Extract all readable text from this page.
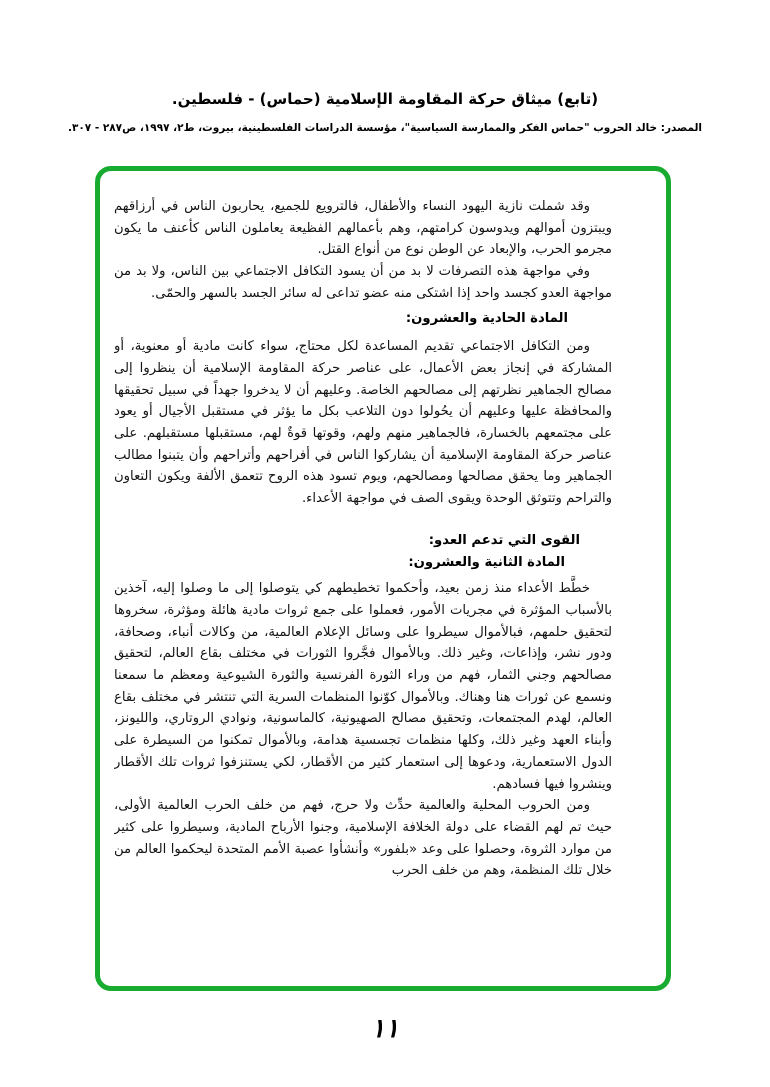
(تابع) ميثاق حركة المقاومة الإسلامية (حماس) - فلسطين.
المصدر: خالد الحروب "حماس الفكر والممارسة السياسية"، مؤسسة الدراسات الفلسطينية، بيروت، ط٢، ١٩٩٧، ص٢٨٧ - ٣٠٧.

وقد شملت نازية اليهود النساء والأطفال، فالترويع للجميع، يحاربون الناس في أرزاقهم ويبتزون أموالهم ويدوسون كرامتهم، وهم بأعمالهم الفظيعة يعاملون الناس كأعنف ما يكون مجرمو الحرب، والإبعاد عن الوطن نوع من أنواع القتل.

وفي مواجهة هذه التصرفات لا بد من أن يسود التكافل الاجتماعي بين الناس، ولا بد من مواجهة العدو كجسد واحد إذا اشتكى منه عضو تداعى له سائر الجسد بالسهر والحمّى.

المادة الحادية والعشرون:

ومن التكافل الاجتماعي تقديم المساعدة لكل محتاج، سواء كانت مادية أو معنوية، أو المشاركة في إنجاز بعض الأعمال، على عناصر حركة المقاومة الإسلامية أن ينظروا إلى مصالح الجماهير نظرتهم إلى مصالحهم الخاصة. وعليهم أن لا يدخروا جهداً في سبيل تحقيقها والمحافظة عليها وعليهم أن يحُولوا دون التلاعب بكل ما يؤثر في مستقبل الأجيال أو يعود على مجتمعهم بالخسارة، فالجماهير منهم ولهم، وقوتها قوةٌ لهم، مستقبلها مستقبلهم. على عناصر حركة المقاومة الإسلامية أن يشاركوا الناس في أفراحهم وأتراحهم وأن يتبنوا مطالب الجماهير وما يحقق مصالحها ومصالحهم، ويوم تسود هذه الروح تتعمق الألفة ويكون التعاون والتراحم وتتوثق الوحدة ويقوى الصف في مواجهة الأعداء.

القوى التي تدعم العدو:

المادة الثانية والعشرون:

خطَّط الأعداء منذ زمن بعيد، وأحكموا تخطيطهم كي يتوصلوا إلى ما وصلوا إليه، آخذين بالأسباب المؤثرة في مجريات الأمور، فعملوا على جمع ثروات مادية هائلة ومؤثرة، سخروها لتحقيق حلمهم، فبالأموال سيطروا على وسائل الإعلام العالمية، من وكالات أنباء، وصحافة، ودور نشر، وإذاعات، وغير ذلك. وبالأموال فجَّروا الثورات في مختلف بقاع العالم، لتحقيق مصالحهم وجني الثمار، فهم من وراء الثورة الفرنسية والثورة الشيوعية ومعظم ما سمعنا ونسمع عن ثورات هنا وهناك. وبالأموال كوّنوا المنظمات السرية التي تنتشر في مختلف بقاع العالم، لهدم المجتمعات، وتحقيق مصالح الصهيونية، كالماسونية، ونوادي الروتاري، والليونز، وأبناء العهد وغير ذلك، وكلها منظمات تجسسية هدامة، وبالأموال تمكنوا من السيطرة على الدول الاستعمارية، ودعوها إلى استعمار كثير من الأقطار، لكي يستنزفوا ثروات تلك الأقطار وينشروا فيها فسادهم.

ومن الحروب المحلية والعالمية حدِّث ولا حرج، فهم من خلف الحرب العالمية الأولى، حيث تم لهم القضاء على دولة الخلافة الإسلامية، وجنوا الأرباح المادية، وسيطروا على كثير من موارد الثروة، وحصلوا على وعد «بلفور» وأنشأوا عصبة الأمم المتحدة ليحكموا العالم من خلال تلك المنظمة، وهم من خلف الحرب

١١
